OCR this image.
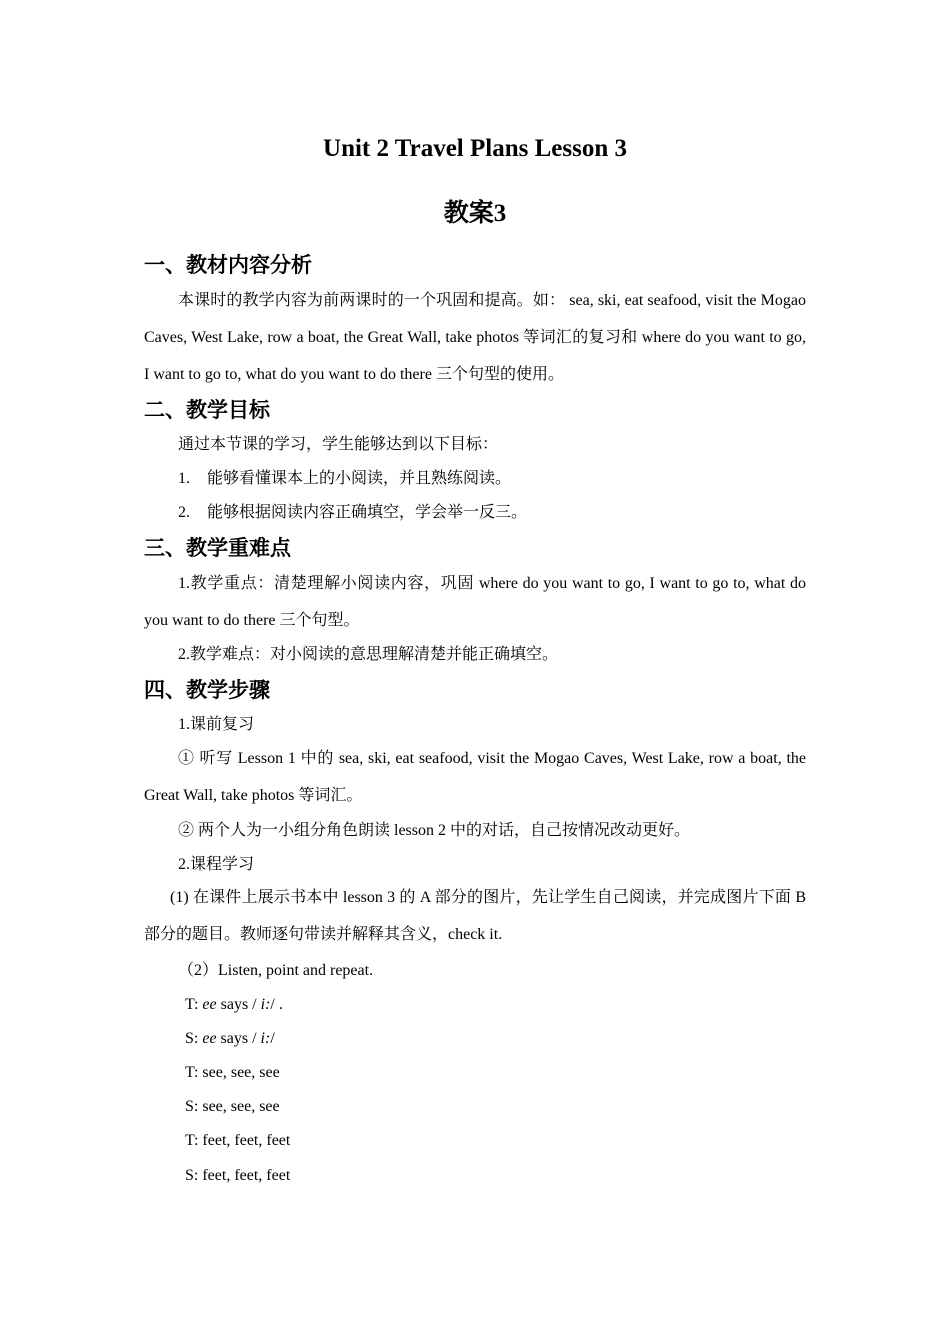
Unit 2 Travel Plans Lesson 3
教案3
一、教材内容分析

本课时的教学内容为前两课时的一个巩固和提高。如： sea, ski, eat seafood, visit the Mogao Caves, West Lake, row a boat, the Great Wall, take photos 等词汇的复习和 where do you want to go, I want to go to, what do you want to do there 三个句型的使用。

二、教学目标

通过本节课的学习，学生能够达到以下目标：

1. 能够看懂课本上的小阅读，并且熟练阅读。

2. 能够根据阅读内容正确填空，学会举一反三。

三、教学重难点

1.教学重点：清楚理解小阅读内容，巩固 where do you want to go, I want to go to, what do you want to do there 三个句型。

2.教学难点：对小阅读的意思理解清楚并能正确填空。

四、教学步骤

1.课前复习

① 听写 Lesson 1 中的 sea, ski, eat seafood, visit the Mogao Caves, West Lake, row a boat, the Great Wall, take photos 等词汇。

② 两个人为一小组分角色朗读 lesson 2 中的对话，自己按情况改动更好。

2.课程学习

(1) 在课件上展示书本中 lesson 3 的 A 部分的图片，先让学生自己阅读，并完成图片下面 B 部分的题目。教师逐句带读并解释其含义，check it.

（2）Listen, point and repeat.

T: ee says / i:/ .

S: ee says / i:/

T: see, see, see

S: see, see, see

T: feet, feet, feet

S: feet, feet, feet
